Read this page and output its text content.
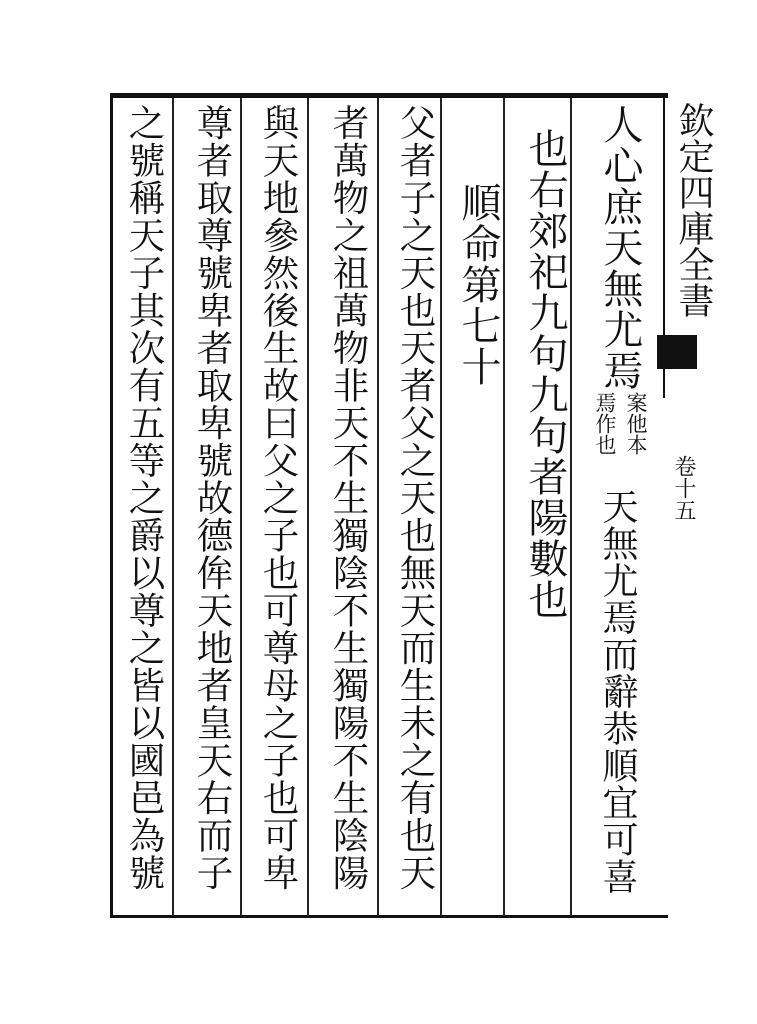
欽定四庫全書
卷十五
人心庶天無尤焉
案他本
焉作也
天無尤焉而辭恭順宜可喜
也右郊祀九句九句者陽數也
順命第七十
父者子之天也天者父之天也無天而生未之有也天
者萬物之祖萬物非天不生獨陰不生獨陽不生陰陽
與天地參然後生故曰父之子也可尊母之子也可卑
尊者取尊號卑者取卑號故德侔天地者皇天右而子
之號稱天子其次有五等之爵以尊之皆以國邑為號
